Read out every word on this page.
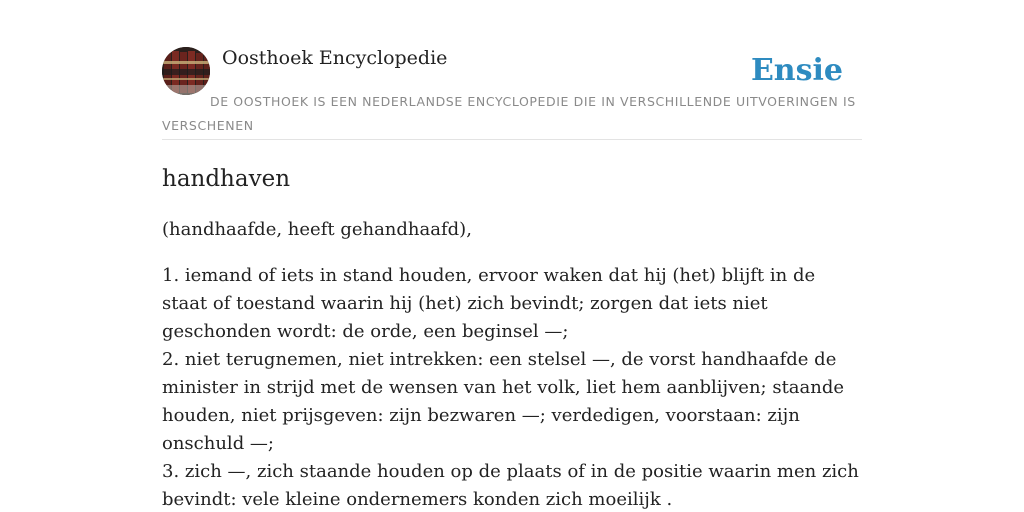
Oosthoek Encyclopedie	Ensie
DE OOSTHOEK IS EEN NEDERLANDSE ENCYCLOPEDIE DIE IN VERSCHILLENDE UITVOERINGEN IS VERSCHENEN
handhaven

(handhaafde, heeft gehandhaafd),

1. iemand of iets in stand houden, ervoor waken dat hij (het) blijft in de staat of toestand waarin hij (het) zich bevindt; zorgen dat iets niet geschonden wordt: de orde, een beginsel —;
2. niet terugnemen, niet intrekken: een stelsel —, de vorst handhaafde de minister in strijd met de wensen van het volk, liet hem aanblijven; staande houden, niet prijsgeven: zijn bezwaren —; verdedigen, voorstaan: zijn onschuld —;
3. zich —, zich staande houden op de plaats of in de positie waarin men zich bevindt: vele kleine ondernemers konden zich moeilijk .
